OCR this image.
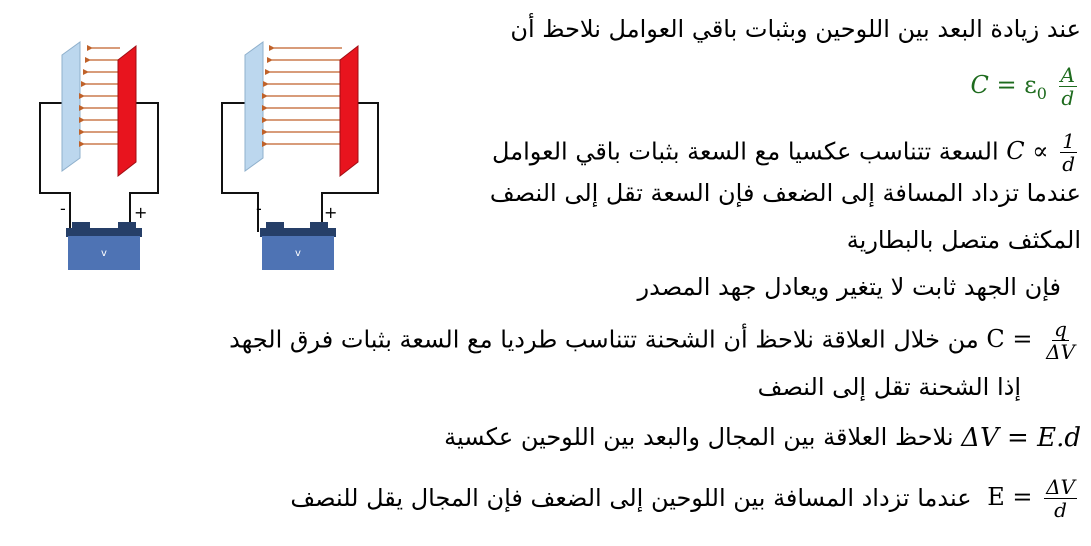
عند زيادة البعد بين اللوحين وبثبات باقي العوامل نلاحظ أن
$C = \varepsilon_0 \frac{A}{d}$
$C \propto \frac{1}{d}$
السعة تتناسب عكسيا مع السعة بثبات باقي العوامل
عندما تزداد المسافة إلى الضعف فإن السعة تقل إلى النصف
المكثف متصل بالبطارية
فإن الجهد ثابت لا يتغير ويعادل جهد المصدر
$C = \frac{q}{\Delta V}$
من خلال العلاقة نلاحظ أن الشحنة تتناسب طرديا مع السعة بثبات فرق الجهد
إذا الشحنة تقل إلى النصف
ΔV = E.d نلاحظ العلاقة بين المجال والبعد بين اللوحين عكسية
$E = \frac{\Delta V}{d}$
عندما تزداد المسافة بين اللوحين إلى الضعف فإن المجال يقل للنصف
-	+
v
-	+
v
